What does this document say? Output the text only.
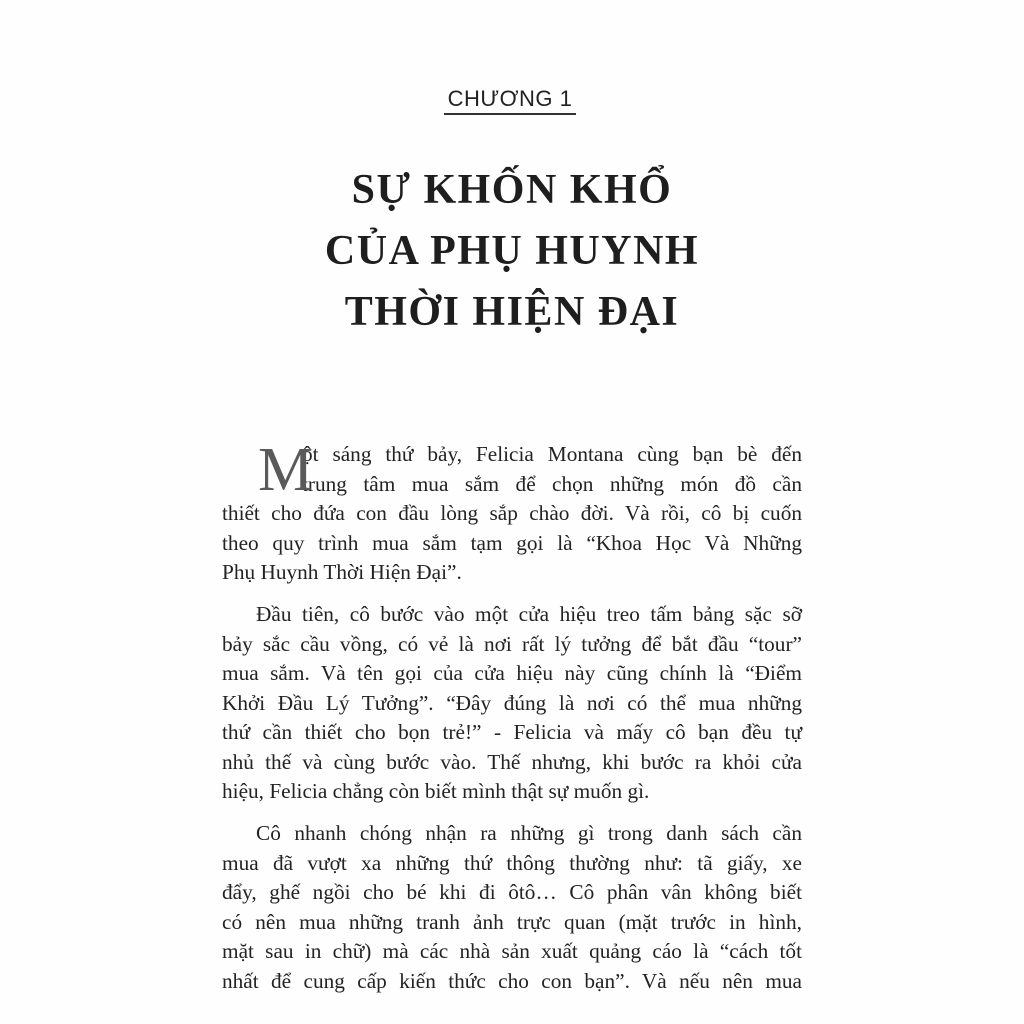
CHƯƠNG 1
SỰ KHỐN KHỔ
CỦA PHỤ HUYNH
THỜI HIỆN ĐẠI
M
ột sáng thứ bảy, Felicia Montana cùng bạn bè đến
trung tâm mua sắm để chọn những món đồ cần
thiết cho đứa con đầu lòng sắp chào đời. Và rồi, cô bị cuốn
theo quy trình mua sắm tạm gọi là “Khoa Học Và Những
Phụ Huynh Thời Hiện Đại”.
Đầu tiên, cô bước vào một cửa hiệu treo tấm bảng sặc sỡ
bảy sắc cầu vồng, có vẻ là nơi rất lý tưởng để bắt đầu “tour”
mua sắm. Và tên gọi của cửa hiệu này cũng chính là “Điểm
Khởi Đầu Lý Tưởng”. “Đây đúng là nơi có thể mua những
thứ cần thiết cho bọn trẻ!” - Felicia và mấy cô bạn đều tự
nhủ thế và cùng bước vào. Thế nhưng, khi bước ra khỏi cửa
hiệu, Felicia chẳng còn biết mình thật sự muốn gì.
Cô nhanh chóng nhận ra những gì trong danh sách cần
mua đã vượt xa những thứ thông thường như: tã giấy, xe
đẩy, ghế ngồi cho bé khi đi ôtô… Cô phân vân không biết
có nên mua những tranh ảnh trực quan (mặt trước in hình,
mặt sau in chữ) mà các nhà sản xuất quảng cáo là “cách tốt
nhất để cung cấp kiến thức cho con bạn”. Và nếu nên mua
